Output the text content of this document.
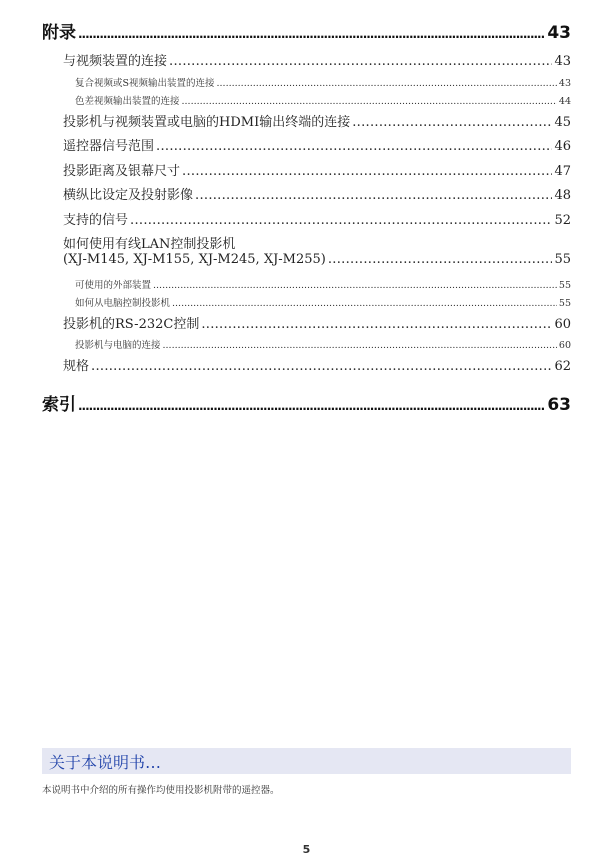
附录 .....	43
与视频装置的连接 .....	43
复合视频或S视频输出装置的连接 .....	43
色差视频输出装置的连接 .....	44
投影机与视频装置或电脑的HDMI输出终端的连接 .....	45
遥控器信号范围 .....	46
投影距离及银幕尺寸 .....	47
横纵比设定及投射影像 .....	48
支持的信号 .....	52
如何使用有线LAN控制投影机
(XJ-M145, XJ-M155, XJ-M245, XJ-M255) .....	55
可使用的外部装置 .....	55
如何从电脑控制投影机 .....	55
投影机的RS-232C控制 .....	60
投影机与电脑的连接 .....	60
规格 .....	62
索引 .....	63
关于本说明书…
本说明书中介绍的所有操作均使用投影机附带的遥控器。
5
